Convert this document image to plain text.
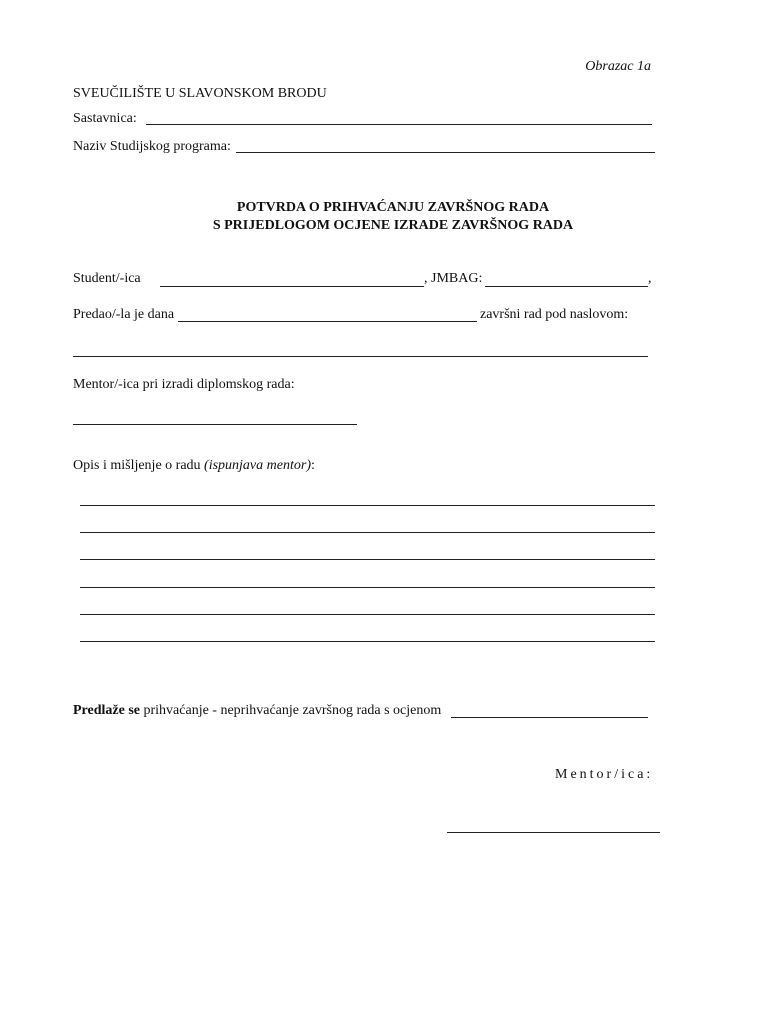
Obrazac 1a
SVEUČILIŠTE U SLAVONSKOM BRODU
Sastavnica:
Naziv Studijskog programa:
POTVRDA O PRIHVAĆANJU ZAVRŠNOG RADA
S PRIJEDLOGOM OCJENE IZRADE ZAVRŠNOG RADA
Student/-ica	, JMBAG:	,
Predao/-la je dana	završni rad pod naslovom:
Mentor/-ica pri izradi diplomskog rada:
Opis i mišljenje o radu (ispunjava mentor):
Predlaže se prihvaćanje - neprihvaćanje završnog rada s ocjenom
Mentor/ica:
